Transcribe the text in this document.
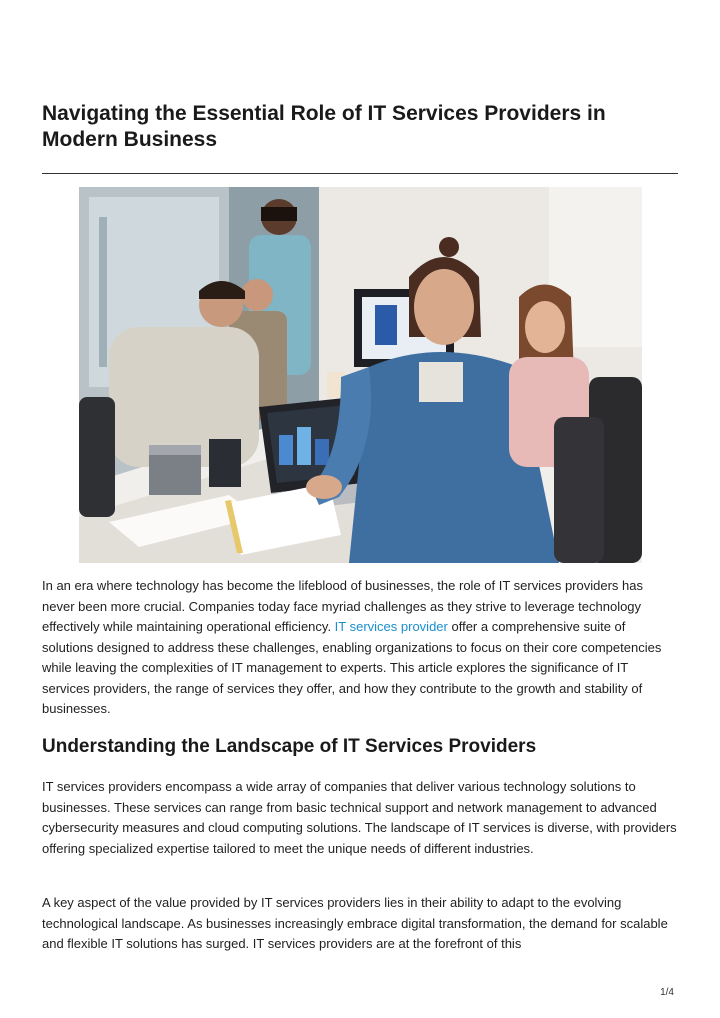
Navigating the Essential Role of IT Services Providers in Modern Business

In an era where technology has become the lifeblood of businesses, the role of IT services providers has never been more crucial. Companies today face myriad challenges as they strive to leverage technology effectively while maintaining operational efficiency. IT services provider offer a comprehensive suite of solutions designed to address these challenges, enabling organizations to focus on their core competencies while leaving the complexities of IT management to experts. This article explores the significance of IT services providers, the range of services they offer, and how they contribute to the growth and stability of businesses.

Understanding the Landscape of IT Services Providers

IT services providers encompass a wide array of companies that deliver various technology solutions to businesses. These services can range from basic technical support and network management to advanced cybersecurity measures and cloud computing solutions. The landscape of IT services is diverse, with providers offering specialized expertise tailored to meet the unique needs of different industries.

A key aspect of the value provided by IT services providers lies in their ability to adapt to the evolving technological landscape. As businesses increasingly embrace digital transformation, the demand for scalable and flexible IT solutions has surged. IT services providers are at the forefront of this

1/4
